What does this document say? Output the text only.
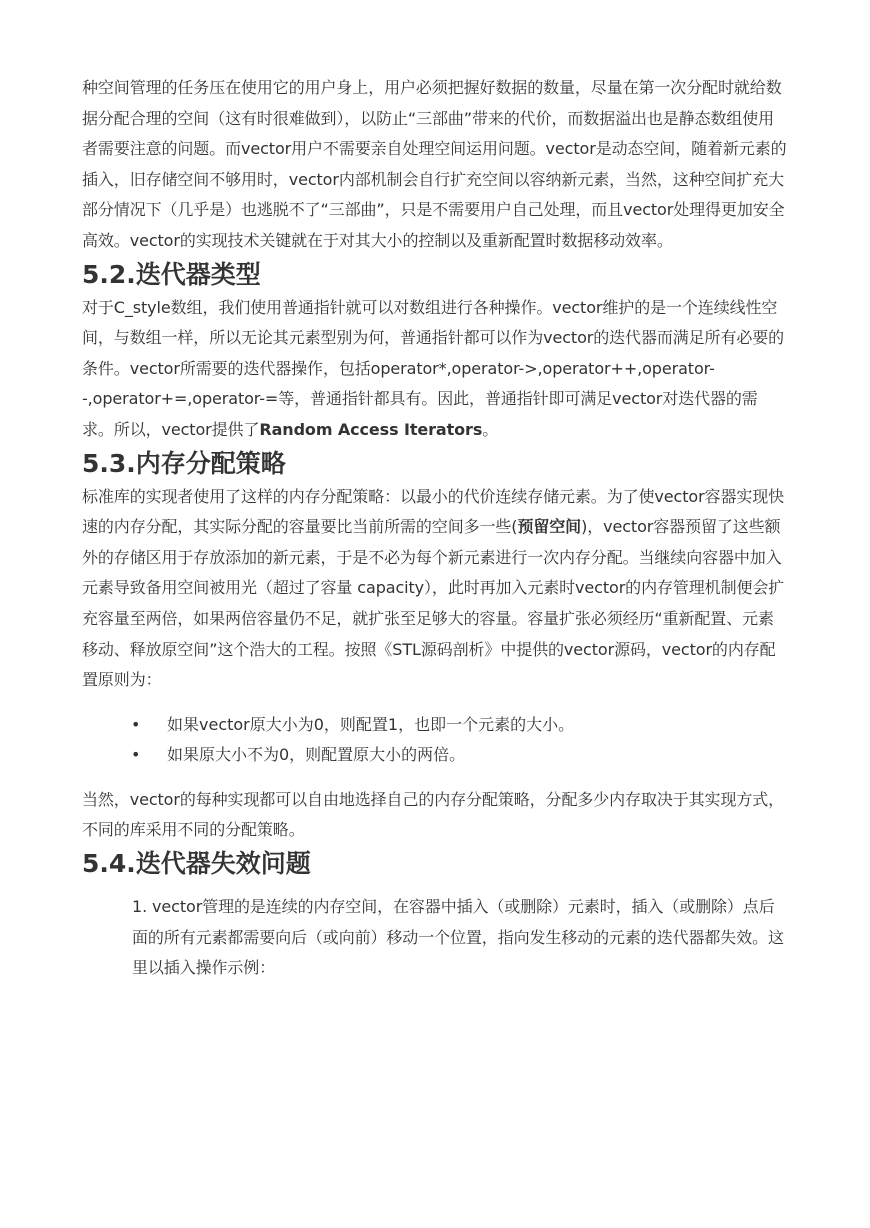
种空间管理的任务压在使用它的用户身上，用户必须把握好数据的数量，尽量在第一次分配时就给数据分配合理的空间（这有时很难做到），以防止“三部曲”带来的代价，而数据溢出也是静态数组使用者需要注意的问题。而vector用户不需要亲自处理空间运用问题。vector是动态空间，随着新元素的插入，旧存储空间不够用时，vector内部机制会自行扩充空间以容纳新元素，当然，这种空间扩充大部分情况下（几乎是）也逃脱不了“三部曲”，只是不需要用户自己处理，而且vector处理得更加安全高效。vector的实现技术关键就在于对其大小的控制以及重新配置时数据移动效率。

5.2.迭代器类型

对于C_style数组，我们使用普通指针就可以对数组进行各种操作。vector维护的是一个连续线性空间，与数组一样，所以无论其元素型别为何，普通指针都可以作为vector的迭代器而满足所有必要的条件。vector所需要的迭代器操作，包括operator*,operator->,operator++,operator--,operator+=,operator-=等，普通指针都具有。因此，普通指针即可满足vector对迭代器的需求。所以，vector提供了Random Access Iterators。

5.3.内存分配策略

标准库的实现者使用了这样的内存分配策略：以最小的代价连续存储元素。为了使vector容器实现快速的内存分配，其实际分配的容量要比当前所需的空间多一些(预留空间)，vector容器预留了这些额外的存储区用于存放添加的新元素，于是不必为每个新元素进行一次内存分配。当继续向容器中加入元素导致备用空间被用光（超过了容量 capacity），此时再加入元素时vector的内存管理机制便会扩充容量至两倍，如果两倍容量仍不足，就扩张至足够大的容量。容量扩张必须经历“重新配置、元素移动、释放原空间”这个浩大的工程。按照《STL源码剖析》中提供的vector源码，vector的内存配置原则为：

• 如果vector原大小为0，则配置1，也即一个元素的大小。
• 如果原大小不为0，则配置原大小的两倍。

当然，vector的每种实现都可以自由地选择自己的内存分配策略，分配多少内存取决于其实现方式，不同的库采用不同的分配策略。

5.4.迭代器失效问题

1. vector管理的是连续的内存空间，在容器中插入（或删除）元素时，插入（或删除）点后面的所有元素都需要向后（或向前）移动一个位置，指向发生移动的元素的迭代器都失效。这里以插入操作示例：
